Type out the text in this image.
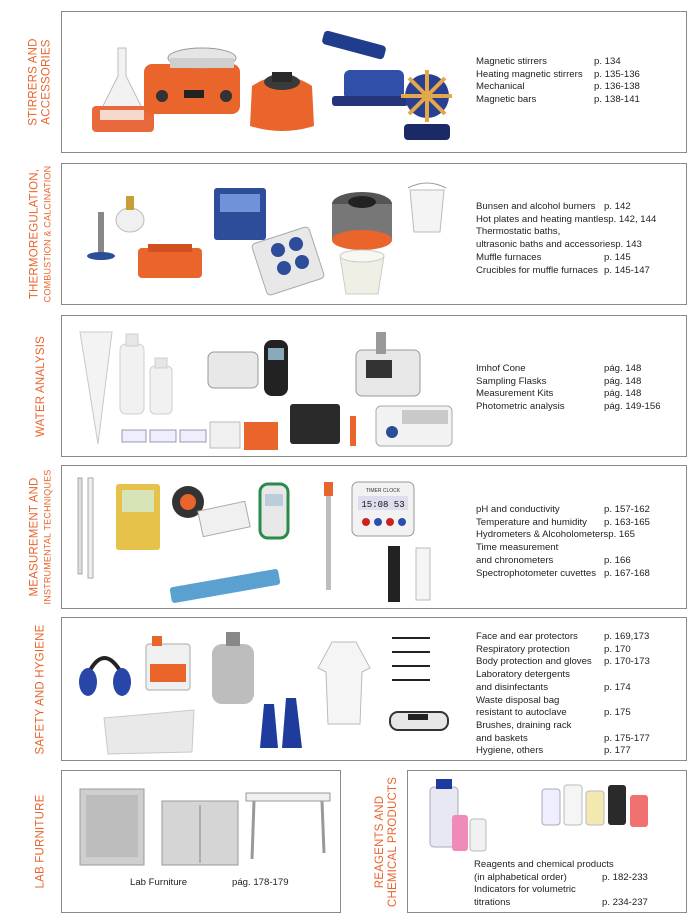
STIRRERS AND
ACCESSORIES	Magnetic stirrers	p. 134
Heating magnetic stirrers	p. 135-136
Mechanical	p. 136-138
Magnetic bars	p. 138-141
THERMOREGULATION, COMBUSTION & CALCINATION	Bunsen and alcohol burners p. 142
Hot plates and heating mantles p. 142, 144
Thermostatic baths,
ultrasonic baths and accessories p. 143
Muffle furnaces	p. 145
Crucibles for muffle furnaces p. 145-147
WATER ANALYSIS	Imhof Cone	pág. 148
Sampling Flasks	pág. 148
Measurement Kits	pág. 148
Photometric analysis	pág. 149-156
MEASUREMENT AND INSTRUMENTAL TECHNIQUES	TIMER CLOCK
15:08 53	pH and conductivity	p. 157-162
Temperature and humidity	p. 163-165
Hydrometers & Alcoholometers p. 165
Time measurement
and chronometers	p. 166
Spectrophotometer cuvettes p. 167-168
SAFETY AND HYGIENE	Face and ear protectors	p. 169,173
Respiratory protection	p. 170
Body protection and gloves	p. 170-173
Laboratory detergents
and disinfectants	p. 174
Waste disposal bag
resistant to autoclave	p. 175
Brushes, draining rack
and baskets	p. 175-177
Hygiene, others	p. 177
LAB FURNITURE	Lab Furniture	pág. 178-179	REAGENTS AND
CHEMICAL PRODUCTS	Reagents and chemical products
(in alphabetical order)	p. 182-233
Indicators for volumetric
titrations	p. 234-237
